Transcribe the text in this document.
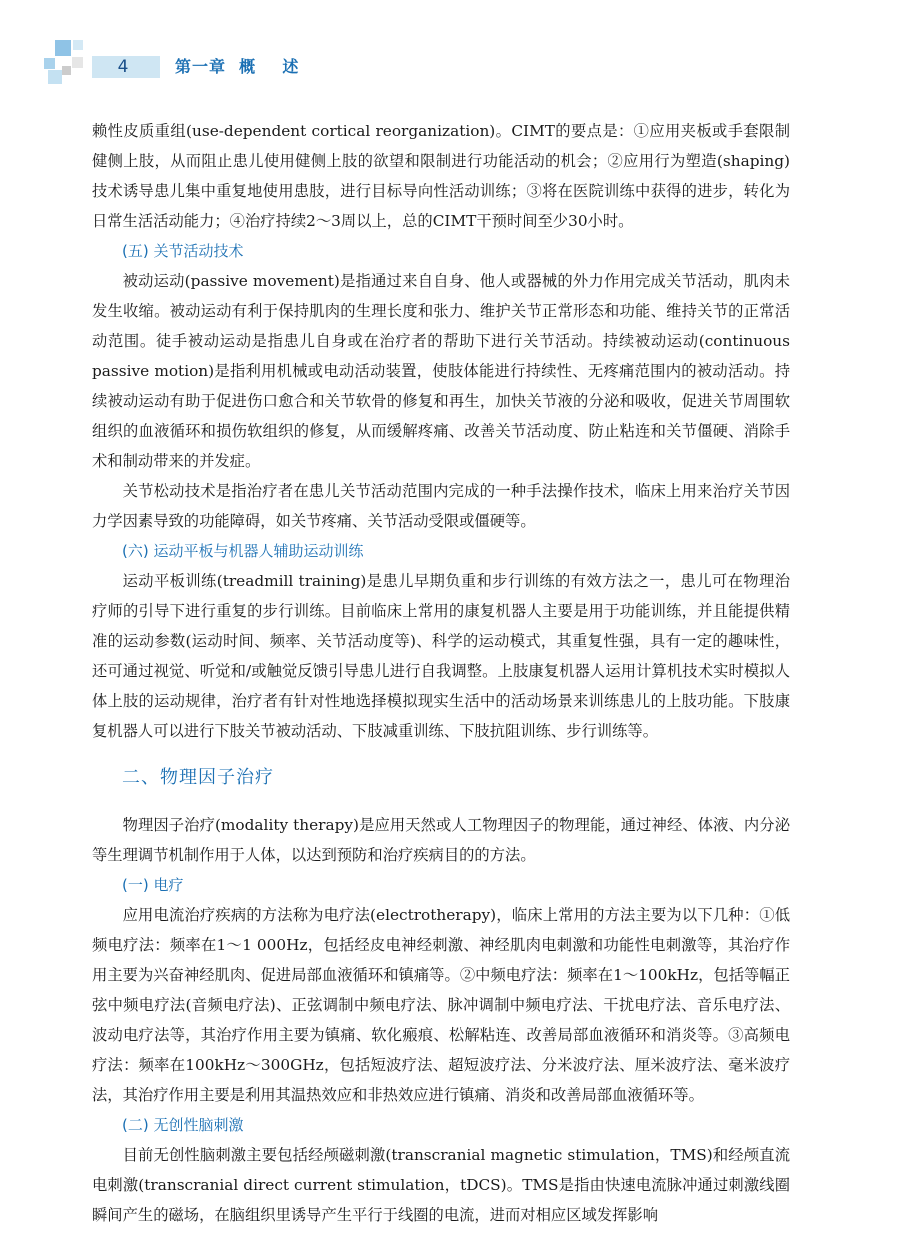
4	第一章  概    述

赖性皮质重组(use-dependent cortical reorganization)。CIMT的要点是：①应用夹板或手套限制健侧上肢，从而阻止患儿使用健侧上肢的欲望和限制进行功能活动的机会；②应用行为塑造(shaping)技术诱导患儿集中重复地使用患肢，进行目标导向性活动训练；③将在医院训练中获得的进步，转化为日常生活活动能力；④治疗持续2～3周以上，总的CIMT干预时间至少30小时。

(五) 关节活动技术

被动运动(passive movement)是指通过来自自身、他人或器械的外力作用完成关节活动，肌肉未发生收缩。被动运动有利于保持肌肉的生理长度和张力、维护关节正常形态和功能、维持关节的正常活动范围。徒手被动运动是指患儿自身或在治疗者的帮助下进行关节活动。持续被动运动(continuous passive motion)是指利用机械或电动活动装置，使肢体能进行持续性、无疼痛范围内的被动活动。持续被动运动有助于促进伤口愈合和关节软骨的修复和再生，加快关节液的分泌和吸收，促进关节周围软组织的血液循环和损伤软组织的修复，从而缓解疼痛、改善关节活动度、防止粘连和关节僵硬、消除手术和制动带来的并发症。

关节松动技术是指治疗者在患儿关节活动范围内完成的一种手法操作技术，临床上用来治疗关节因力学因素导致的功能障碍，如关节疼痛、关节活动受限或僵硬等。

(六) 运动平板与机器人辅助运动训练

运动平板训练(treadmill training)是患儿早期负重和步行训练的有效方法之一，患儿可在物理治疗师的引导下进行重复的步行训练。目前临床上常用的康复机器人主要是用于功能训练，并且能提供精准的运动参数(运动时间、频率、关节活动度等)、科学的运动模式，其重复性强，具有一定的趣味性，还可通过视觉、听觉和/或触觉反馈引导患儿进行自我调整。上肢康复机器人运用计算机技术实时模拟人体上肢的运动规律，治疗者有针对性地选择模拟现实生活中的活动场景来训练患儿的上肢功能。下肢康复机器人可以进行下肢关节被动活动、下肢减重训练、下肢抗阻训练、步行训练等。

二、物理因子治疗

物理因子治疗(modality therapy)是应用天然或人工物理因子的物理能，通过神经、体液、内分泌等生理调节机制作用于人体，以达到预防和治疗疾病目的的方法。

(一) 电疗

应用电流治疗疾病的方法称为电疗法(electrotherapy)，临床上常用的方法主要为以下几种：①低频电疗法：频率在1～1 000Hz，包括经皮电神经刺激、神经肌肉电刺激和功能性电刺激等，其治疗作用主要为兴奋神经肌肉、促进局部血液循环和镇痛等。②中频电疗法：频率在1～100kHz，包括等幅正弦中频电疗法(音频电疗法)、正弦调制中频电疗法、脉冲调制中频电疗法、干扰电疗法、音乐电疗法、波动电疗法等，其治疗作用主要为镇痛、软化瘢痕、松解粘连、改善局部血液循环和消炎等。③高频电疗法：频率在100kHz～300GHz，包括短波疗法、超短波疗法、分米波疗法、厘米波疗法、毫米波疗法，其治疗作用主要是利用其温热效应和非热效应进行镇痛、消炎和改善局部血液循环等。

(二) 无创性脑刺激

目前无创性脑刺激主要包括经颅磁刺激(transcranial magnetic stimulation，TMS)和经颅直流电刺激(transcranial direct current stimulation，tDCS)。TMS是指由快速电流脉冲通过刺激线圈瞬间产生的磁场，在脑组织里诱导产生平行于线圈的电流，进而对相应区域发挥影响
